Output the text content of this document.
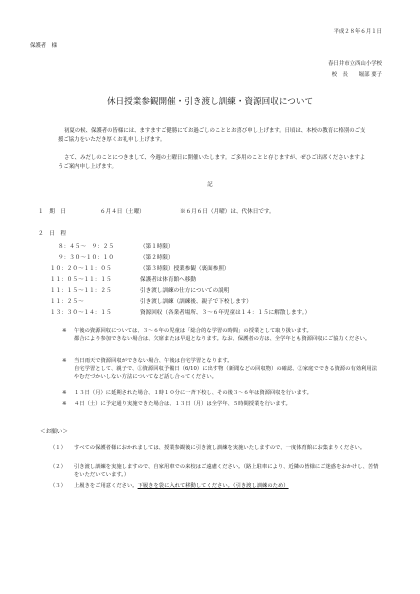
平成２８年６月１日
保護者　様
春日井市立西山小学校
校　長　　堀部 要子
休日授業参観開催・引き渡し訓練・資源回収について
初夏の候、保護者の皆様には、ますますご健勝にてお過ごしのこととお喜び申し上げます。日頃は、本校の教育に格別のご支援ご協力をいただき厚くお礼申し上げます。
さて、みだしのことにつきまして、今週の土曜日に開催いたします。ご多用のことと存じますが、ぜひご出席くださいますようご案内申し上げます。
記
１　期　日	６月４日（土曜）	※６月６日（月曜）は、代休日です。
２　日　程
８：４５～　９：２５	（第１時限）
９：３０～１０：１０	（第２時限）
１０：２０～１１：０５	（第３時限）授業参観（裏面参照）
１１：０５～１１：１５	保護者は体育館へ移動
１１：１５～１１：２５	引き渡し訓練の仕方についての説明
１１：２５～	引き渡し訓練（訓練後、親子で下校します）
１３：３０～１４：１５	資源回収（各業者場所、３～６年児童は１４：１５に解散します。）
※ 午後の資源回収については、３～６年の児童は「総合的な学習の時間」の授業として取り扱います。
都合により参加できない場合は、欠席または早退となります。なお、保護者の方は、全学年とも資源回収にご協力ください。
※ 当日雨天で資源回収ができない場合、午後は自宅学習となります。
自宅学習として、親子で、①資源回収予備日（6/10）に出す物（新聞などの回収物）の確認、②家庭でできる資源の有効利用法やむだづかいしない方法についてなど話し合ってください。
※ １３日（月）に延期された場合、１時１０分に一斉下校し、その後３～６年は資源回収を行います。
※ ４日（土）に予定通り実施できた場合は、１３日（月）は全学年、５時間授業を行います。
＜お願い＞
（１）	すべての保護者様におかれましては、授業参観後に引き渡し訓練を実施いたしますので、一度体育館にお集まりください。
（２）	引き渡し訓練を実施しますので、自家用車での来校はご遠慮ください。（路上駐車により、近隣の皆様にご迷惑をおかけし、苦情をいただいています。）
（３）	上履きをご用意ください。下履きを袋に入れて移動してください。（引き渡し訓練のため）
